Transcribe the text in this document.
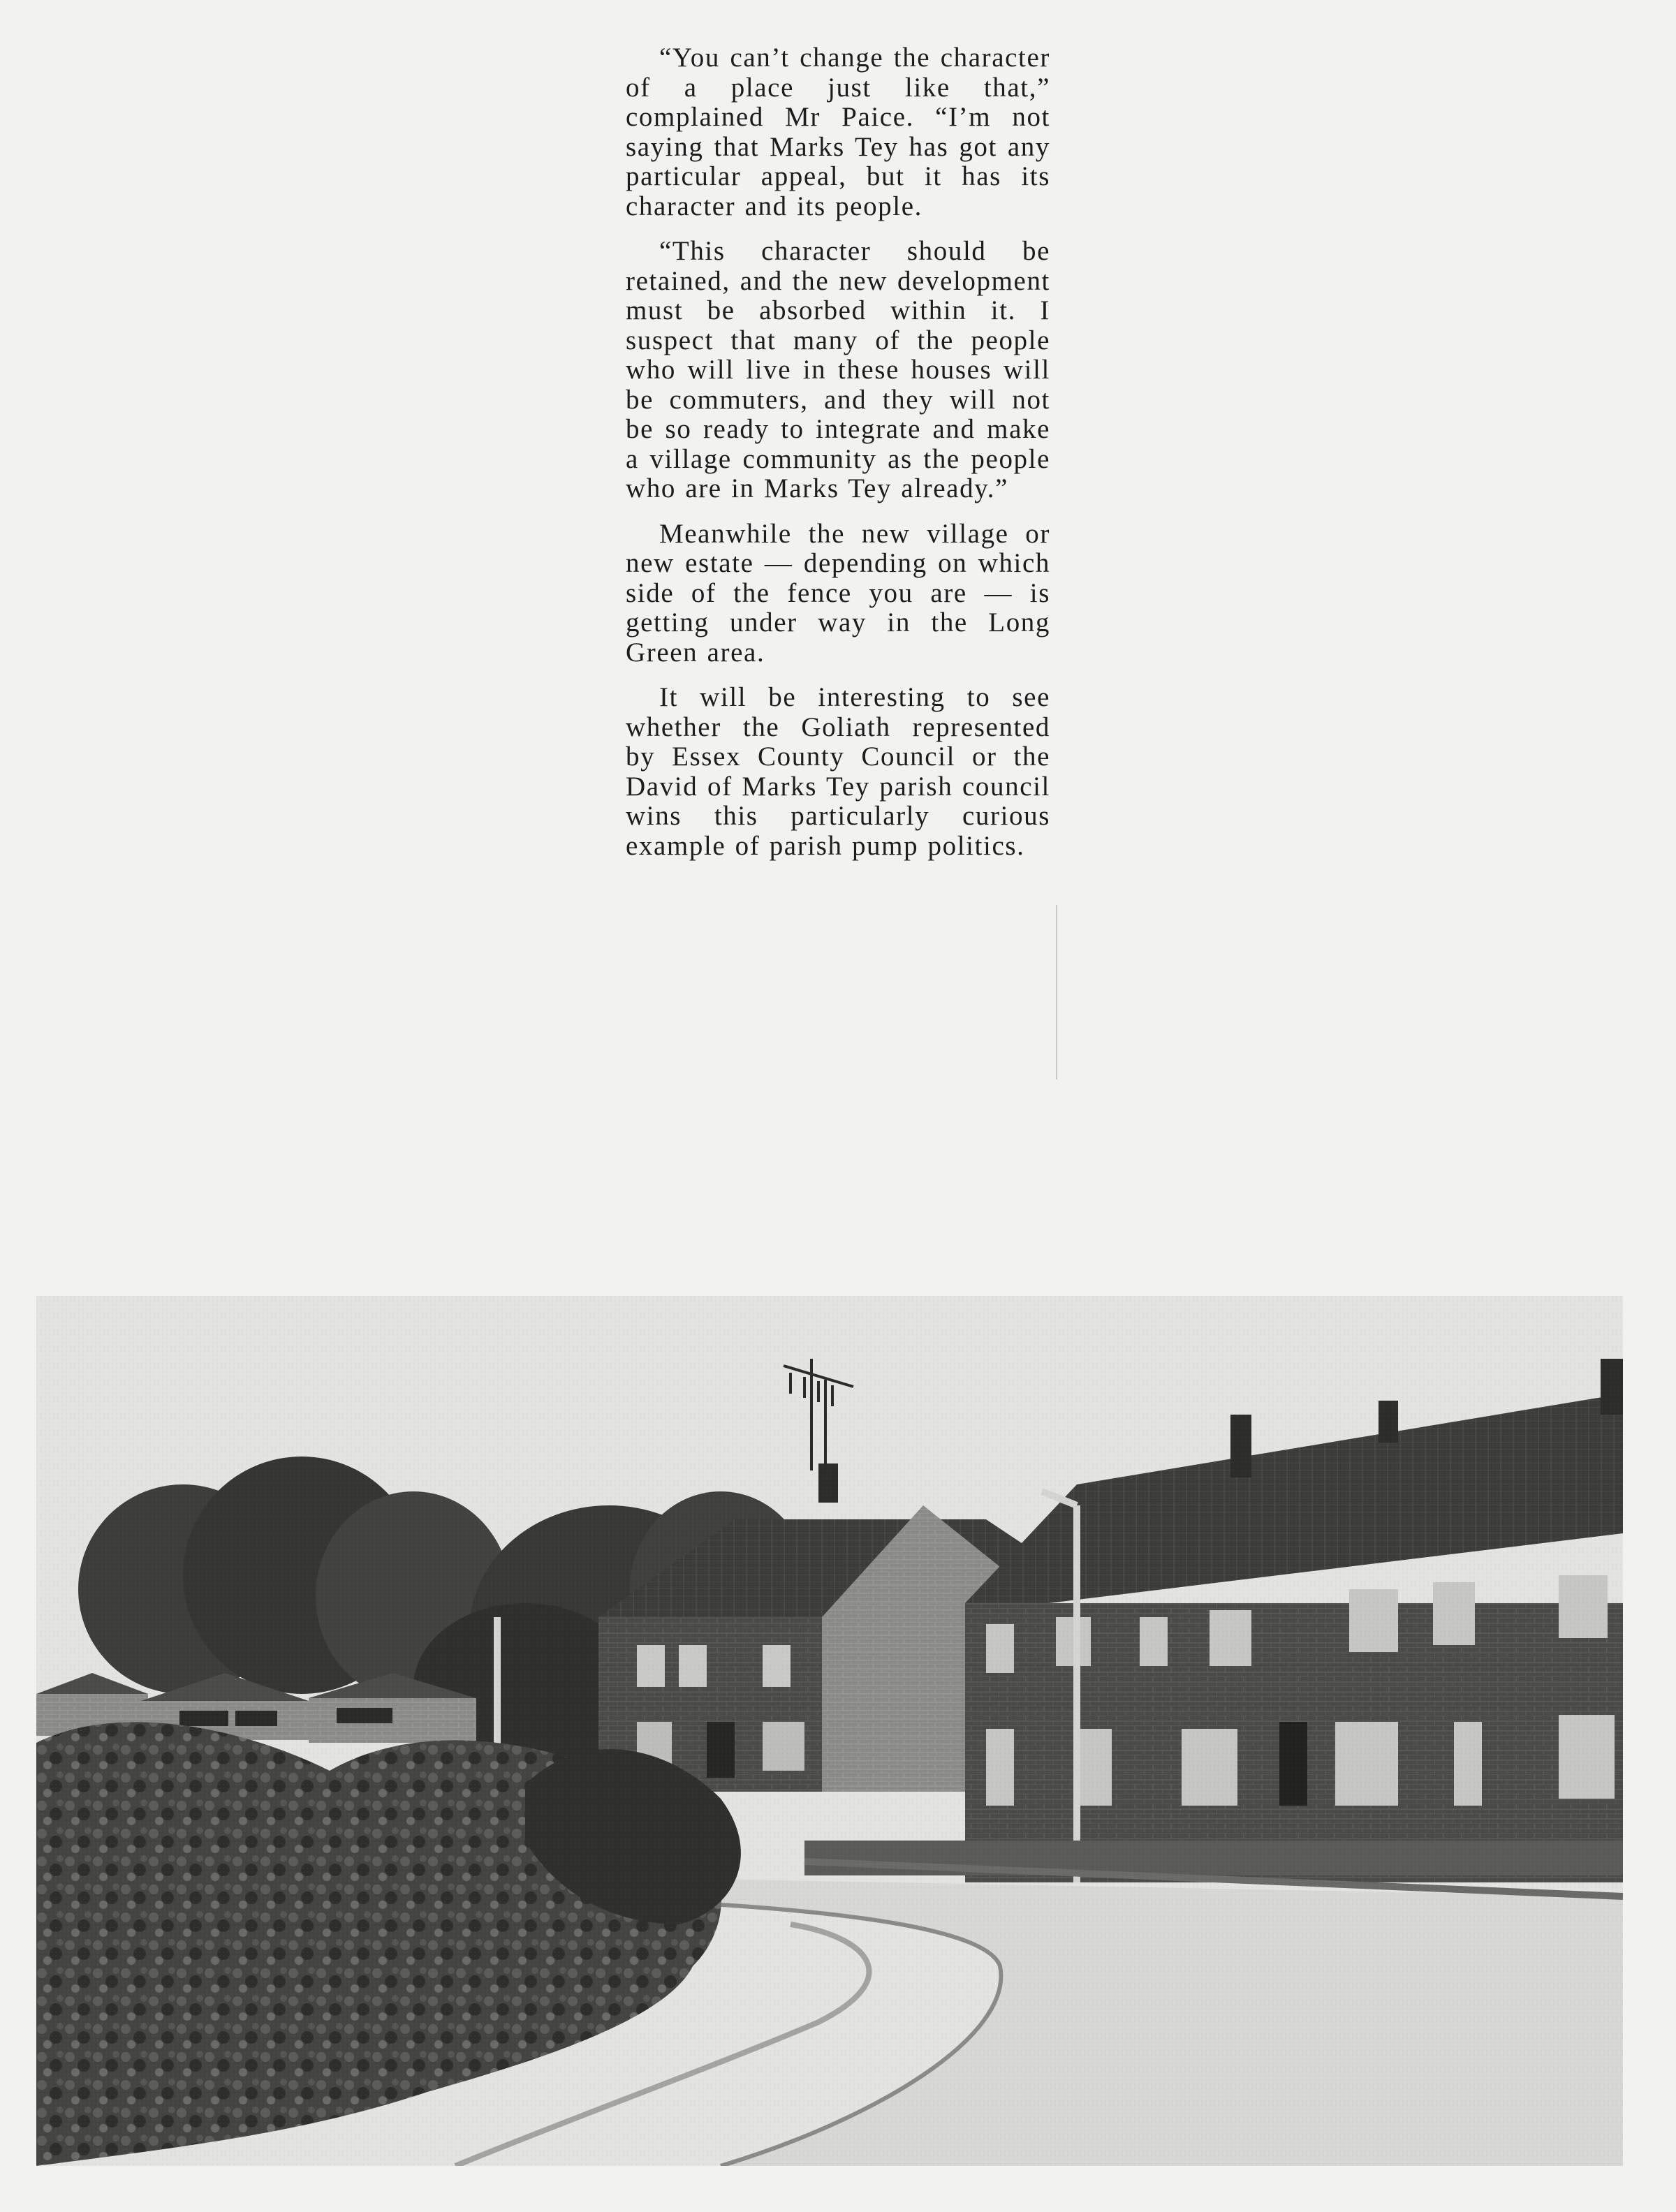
“You can’t change the character of a place just like that,” complained Mr Paice. “I’m not saying that Marks Tey has got any particular appeal, but it has its character and its people.

“This character should be retained, and the new development must be absorbed within it. I suspect that many of the people who will live in these houses will be commuters, and they will not be so ready to integrate and make a village community as the people who are in Marks Tey already.”

Meanwhile the new village or new estate — depending on which side of the fence you are — is getting under way in the Long Green area.

It will be interesting to see whether the Goliath represented by Essex County Council or the David of Marks Tey parish council wins this particularly curious example of parish pump politics.
